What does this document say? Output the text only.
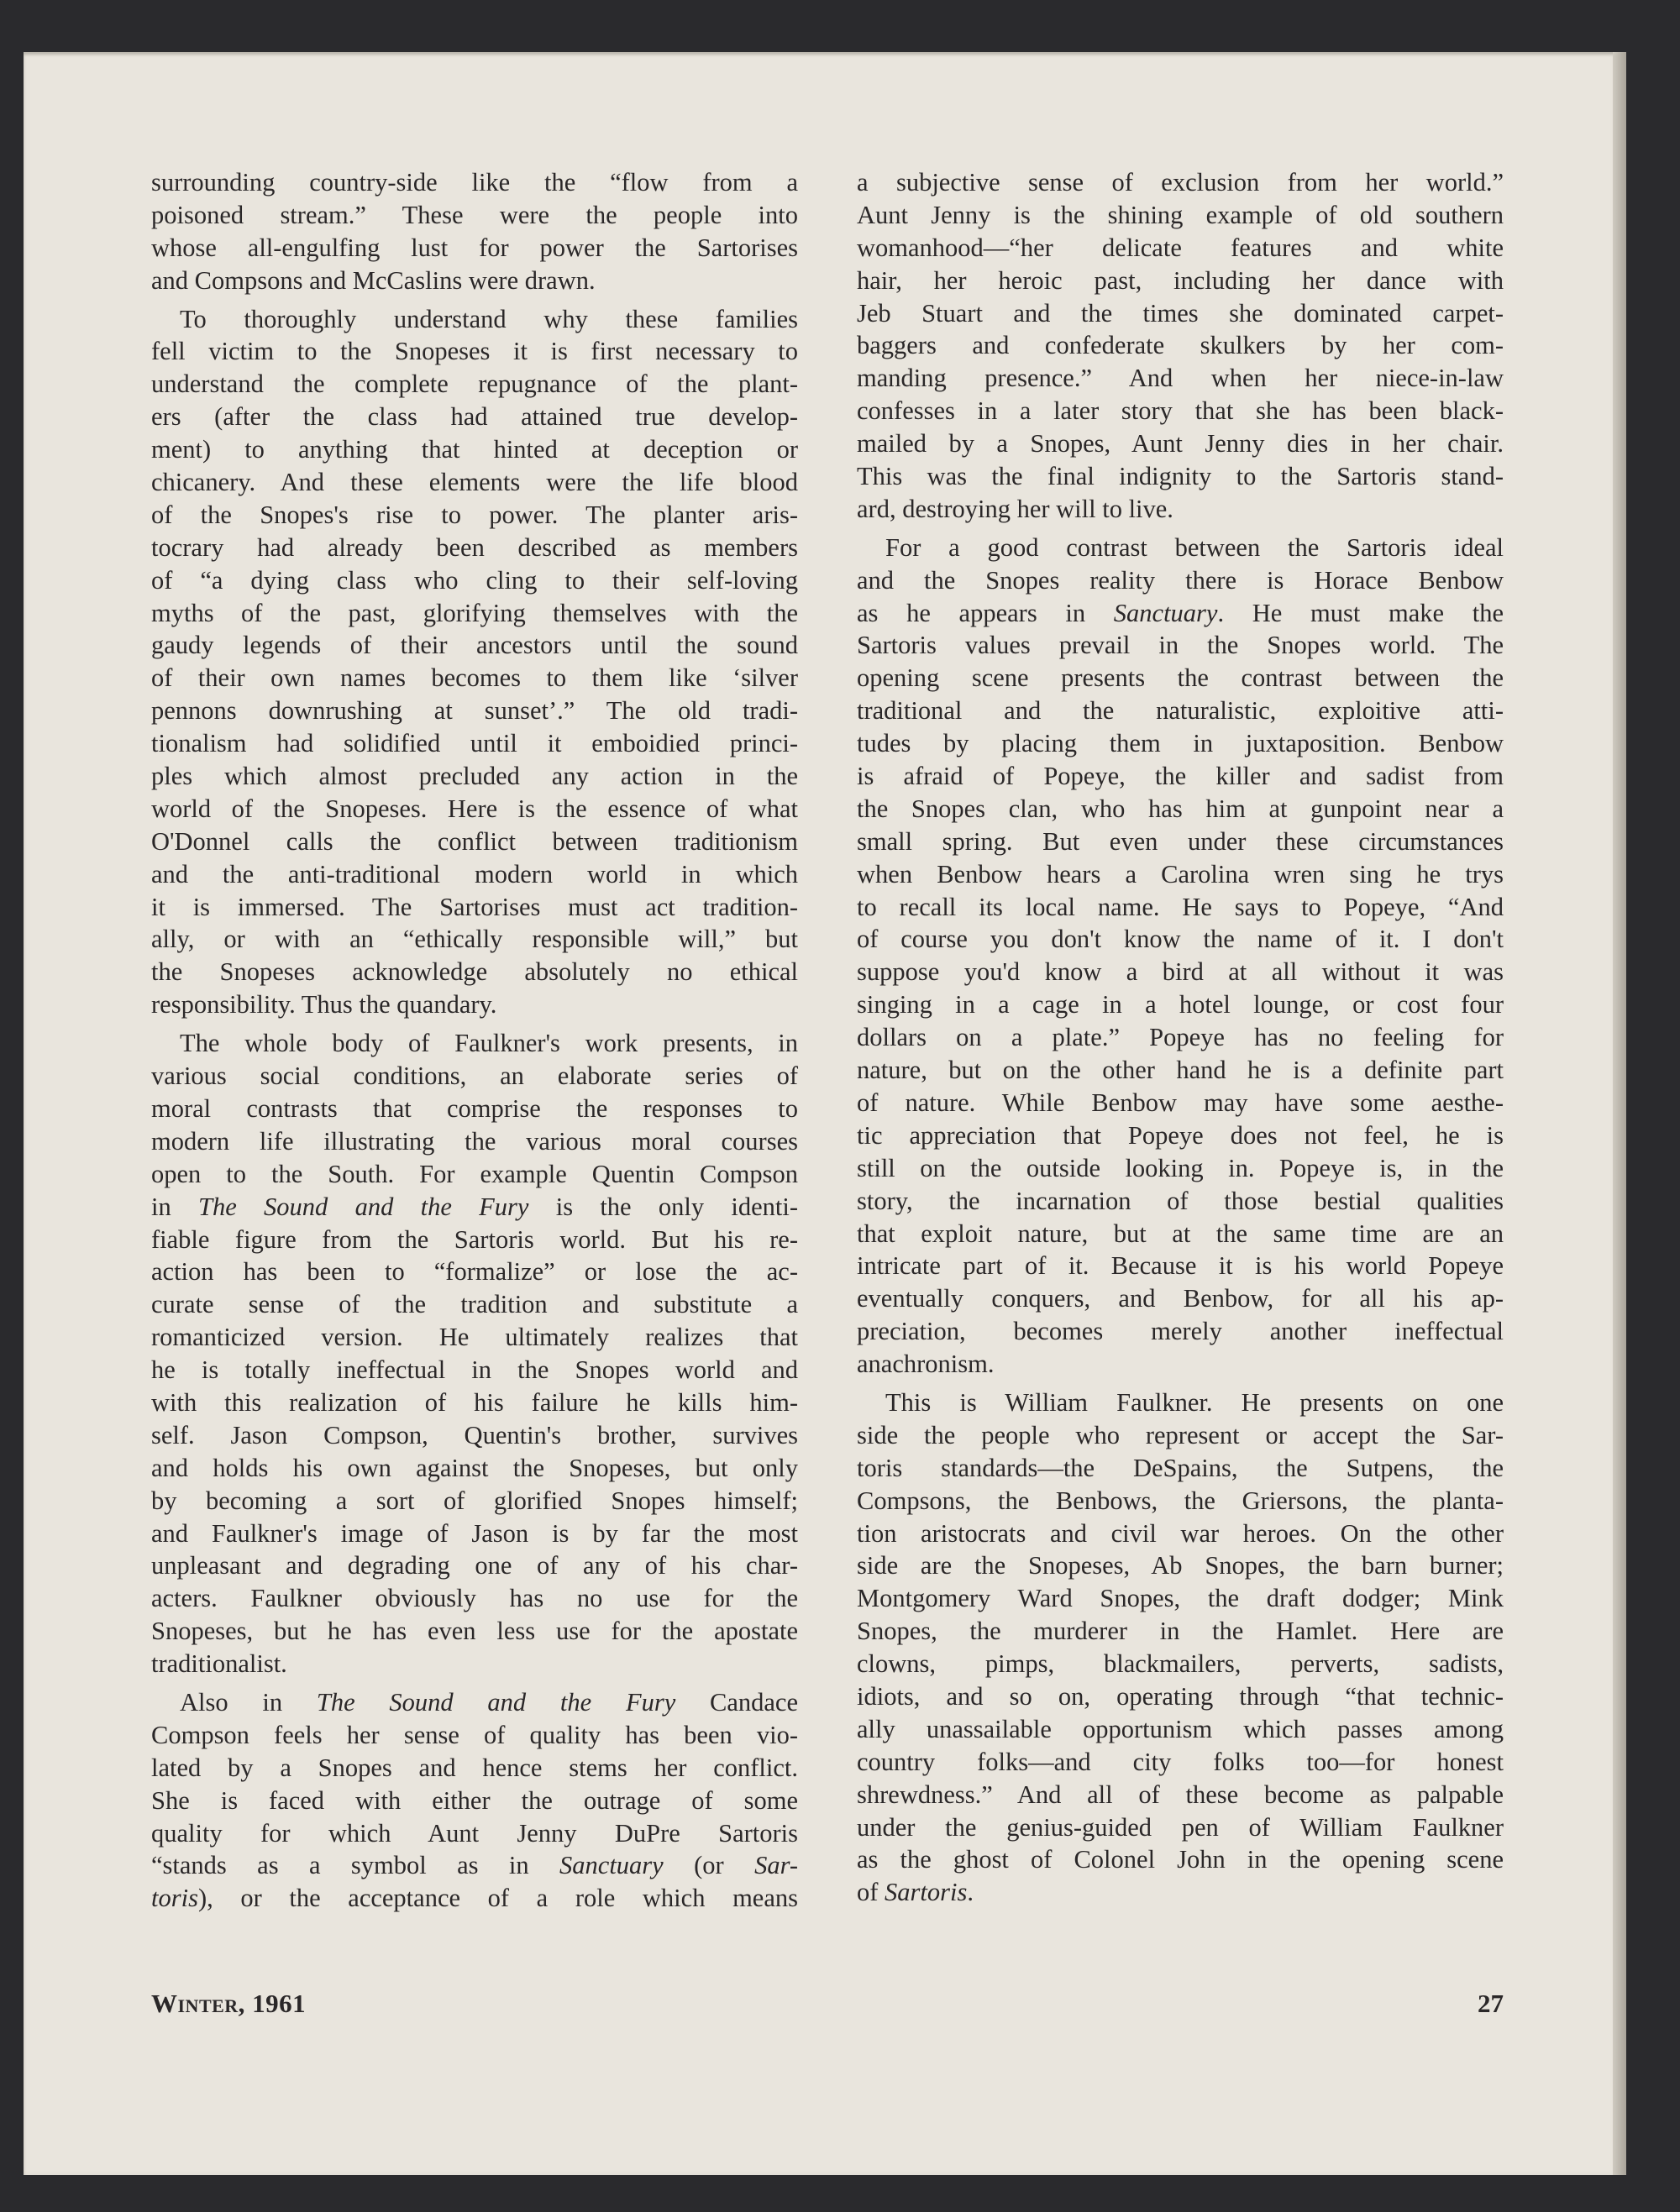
surrounding country-side like the “flow from a
poisoned stream.” These were the people into
whose all-engulfing lust for power the Sartorises
and Compsons and McCaslins were drawn.
To thoroughly understand why these families
fell victim to the Snopeses it is first necessary to
understand the complete repugnance of the plant-
ers (after the class had attained true develop-
ment) to anything that hinted at deception or
chicanery. And these elements were the life blood
of the Snopes's rise to power. The planter aris-
tocrary had already been described as members
of “a dying class who cling to their self-loving
myths of the past, glorifying themselves with the
gaudy legends of their ancestors until the sound
of their own names becomes to them like ‘silver
pennons downrushing at sunset’.” The old tradi-
tionalism had solidified until it emboidied princi-
ples which almost precluded any action in the
world of the Snopeses. Here is the essence of what
O'Donnel calls the conflict between traditionism
and the anti-traditional modern world in which
it is immersed. The Sartorises must act tradition-
ally, or with an “ethically responsible will,” but
the Snopeses acknowledge absolutely no ethical
responsibility. Thus the quandary.
The whole body of Faulkner's work presents, in
various social conditions, an elaborate series of
moral contrasts that comprise the responses to
modern life illustrating the various moral courses
open to the South. For example Quentin Compson
in The Sound and the Fury is the only identi-
fiable figure from the Sartoris world. But his re-
action has been to “formalize” or lose the ac-
curate sense of the tradition and substitute a
romanticized version. He ultimately realizes that
he is totally ineffectual in the Snopes world and
with this realization of his failure he kills him-
self. Jason Compson, Quentin's brother, survives
and holds his own against the Snopeses, but only
by becoming a sort of glorified Snopes himself;
and Faulkner's image of Jason is by far the most
unpleasant and degrading one of any of his char-
acters. Faulkner obviously has no use for the
Snopeses, but he has even less use for the apostate
traditionalist.
Also in The Sound and the Fury Candace
Compson feels her sense of quality has been vio-
lated by a Snopes and hence stems her conflict.
She is faced with either the outrage of some
quality for which Aunt Jenny DuPre Sartoris
“stands as a symbol as in Sanctuary (or Sar-
toris), or the acceptance of a role which means
a subjective sense of exclusion from her world.”
Aunt Jenny is the shining example of old southern
womanhood—“her delicate features and white
hair, her heroic past, including her dance with
Jeb Stuart and the times she dominated carpet-
baggers and confederate skulkers by her com-
manding presence.” And when her niece-in-law
confesses in a later story that she has been black-
mailed by a Snopes, Aunt Jenny dies in her chair.
This was the final indignity to the Sartoris stand-
ard, destroying her will to live.
For a good contrast between the Sartoris ideal
and the Snopes reality there is Horace Benbow
as he appears in Sanctuary. He must make the
Sartoris values prevail in the Snopes world. The
opening scene presents the contrast between the
traditional and the naturalistic, exploitive atti-
tudes by placing them in juxtaposition. Benbow
is afraid of Popeye, the killer and sadist from
the Snopes clan, who has him at gunpoint near a
small spring. But even under these circumstances
when Benbow hears a Carolina wren sing he trys
to recall its local name. He says to Popeye, “And
of course you don't know the name of it. I don't
suppose you'd know a bird at all without it was
singing in a cage in a hotel lounge, or cost four
dollars on a plate.” Popeye has no feeling for
nature, but on the other hand he is a definite part
of nature. While Benbow may have some aesthe-
tic appreciation that Popeye does not feel, he is
still on the outside looking in. Popeye is, in the
story, the incarnation of those bestial qualities
that exploit nature, but at the same time are an
intricate part of it. Because it is his world Popeye
eventually conquers, and Benbow, for all his ap-
preciation, becomes merely another ineffectual
anachronism.
This is William Faulkner. He presents on one
side the people who represent or accept the Sar-
toris standards—the DeSpains, the Sutpens, the
Compsons, the Benbows, the Griersons, the planta-
tion aristocrats and civil war heroes. On the other
side are the Snopeses, Ab Snopes, the barn burner;
Montgomery Ward Snopes, the draft dodger; Mink
Snopes, the murderer in the Hamlet. Here are
clowns, pimps, blackmailers, perverts, sadists,
idiots, and so on, operating through “that technic-
ally unassailable opportunism which passes among
country folks—and city folks too—for honest
shrewdness.” And all of these become as palpable
under the genius-guided pen of William Faulkner
as the ghost of Colonel John in the opening scene
of Sartoris.
Winter, 1961	27
